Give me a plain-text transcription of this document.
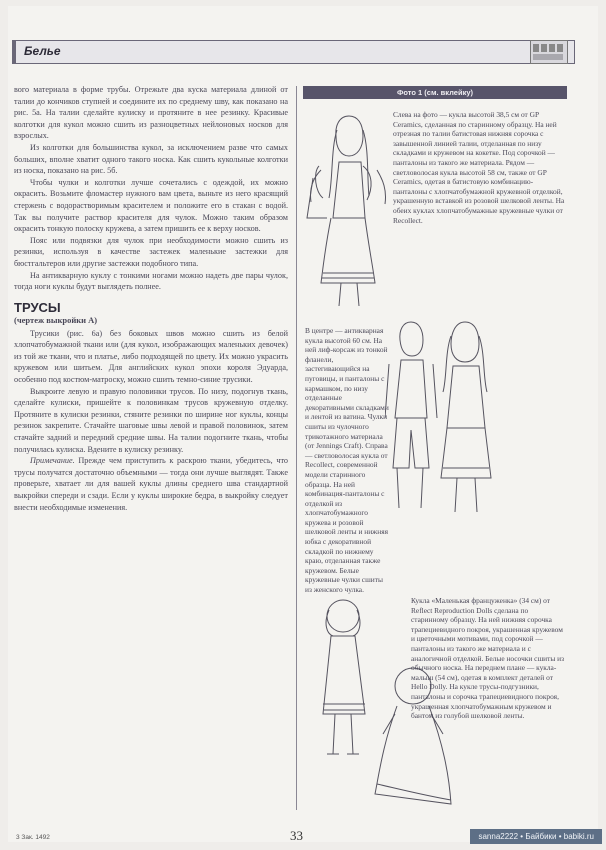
Белье

вого материала в форме трубы. Отрежьте два куска материала длиной от талии до кончиков ступней и соедините их по среднему шву, как показано на рис. 5а. На талии сделайте кулиску и протяните в нее резинку. Красивые колготки для кукол можно сшить из разноцветных нейлоновых носков для взрослых.

Из колготки для большинства кукол, за исключением разве что самых больших, вполне хватит одного такого носка. Как сшить кукольные колготки из носка, показано на рис. 5б.

Чтобы чулки и колготки лучше сочетались с одеждой, их можно окрасить. Возьмите фломастер нужного вам цвета, выньте из него красящий стержень с водорастворимым красителем и положите его в стакан с водой. Так вы получите раствор красителя для чулок. Можно таким образом окрасить тонкую полоску кружева, а затем пришить ее к верху носков.

Пояс или подвязки для чулок при необходимости можно сшить из резинки, используя в качестве застежек маленькие застежки для бюстгальтеров или другие застежки подобного типа.

На антикварную куклу с тонкими ногами можно надеть две пары чулок, тогда ноги куклы будут выглядеть полнее.

ТРУСЫ
(чертеж выкройки А)

Трусики (рис. 6а) без боковых швов можно сшить из белой хлопчатобумажной ткани или (для кукол, изображающих маленьких девочек) из той же ткани, что и платье, либо подходящей по цвету. Их можно украсить кружевом или шитьем. Для английских кукол эпохи короля Эдуарда, особенно под костюм-матроску, можно сшить темно-синие трусики.

Выкроите левую и правую половинки трусов. По низу, подогнув ткань, сделайте кулиски, пришейте к половинкам трусов кружевную отделку. Протяните в кулиски резинки, стяните резинки по ширине ног куклы, концы резинок закрепите. Стачайте шаговые швы левой и правой половинок, затем стачайте задний и передний средние швы. На талии подогните ткань, чтобы получилась кулиска. Вдените в кулиску резинку.

Примечание. Прежде чем приступить к раскрою ткани, убедитесь, что трусы получатся достаточно объемными — тогда они лучше выглядят. Также проверьте, хватает ли для вашей куклы длины среднего шва стандартной выкройки спереди и сзади. Если у куклы широкие бедра, в выкройку следует внести необходимые изменения.

Фото 1 (см. вклейку)
Слева на фото — кукла высотой 38,5 см от GP Ceramics, сделанная по старинному образцу. На ней отрезная по талии батистовая нижняя сорочка с завышенной линией талии, отделанная по низу складками и кружевом на кокетке. Под сорочкой — панталоны из такого же материала. Рядом — светловолосая кукла высотой 58 см, также от GP Ceramics, одетая в батистовую комбинацию-панталоны с хлопчатобумажной кружевной отделкой, украшенную вставкой из розовой шелковой ленты. На обеих куклах хлопчатобумажные кружевные чулки от Recollect.
В центре — антикварная кукла высотой 60 см. На ней лиф-корсаж из тонкой фланели, застегивающийся на пуговицы, и панталоны с кармашком, по низу отделанные декоративными складками и лентой из ватина. Чулки сшиты из чулочного трикотажного материала (от Jennings Craft). Справа — светловолосая кукла от Recollect, современной модели старинного образца. На ней комбинация-панталоны с отделкой из хлопчатобумажного кружева и розовой шелковой ленты и нижняя юбка с декоративной складкой по нижнему краю, отделанная также кружевом. Белые кружевные чулки сшиты из женского чулка.
Кукла «Маленькая француженка» (34 см) от Reflect Reproduction Dolls сделана по старинному образцу. На ней нижняя сорочка трапециевидного покроя, украшенная кружевом и цветочными мотивами, под сорочкой — панталоны из такого же материала и с аналогичной отделкой. Белые носочки сшиты из обычного носка. На переднем плане — кукла-малыш (54 см), одетая в комплект деталей от Hello Dolly. На кукле трусы-подгузники, панталоны и сорочка трапециевидного покроя, украшенная хлопчатобумажным кружевом и бантом из голубой шелковой ленты.
3 Зак. 1492	33	sanna2222 • Байбики • babiki.ru
